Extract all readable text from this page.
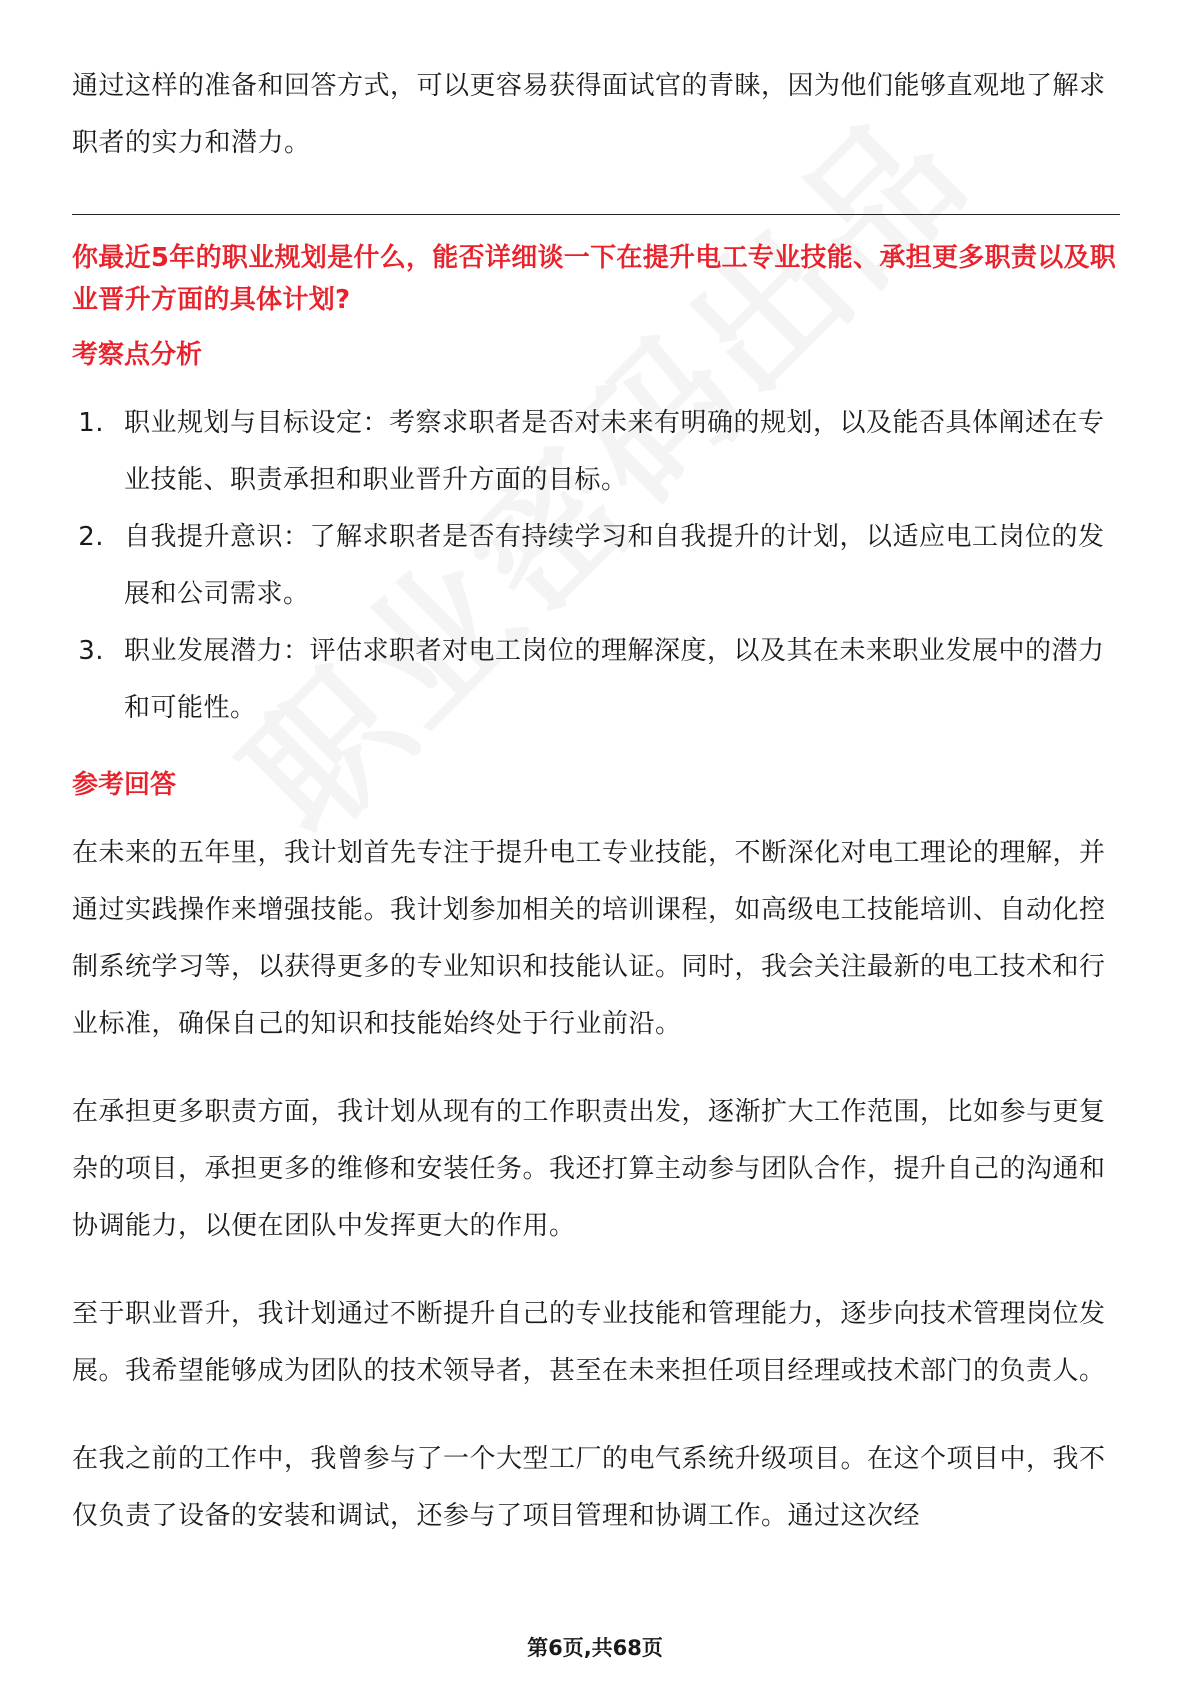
通过这样的准备和回答方式，可以更容易获得面试官的青睐，因为他们能够直观地了解求职者的实力和潜力。

你最近5年的职业规划是什么，能否详细谈一下在提升电工专业技能、承担更多职责以及职业晋升方面的具体计划?
考察点分析
1. 职业规划与目标设定：考察求职者是否对未来有明确的规划，以及能否具体阐述在专业技能、职责承担和职业晋升方面的目标。
2. 自我提升意识：了解求职者是否有持续学习和自我提升的计划，以适应电工岗位的发展和公司需求。
3. 职业发展潜力：评估求职者对电工岗位的理解深度，以及其在未来职业发展中的潜力和可能性。
参考回答

在未来的五年里，我计划首先专注于提升电工专业技能，不断深化对电工理论的理解，并通过实践操作来增强技能。我计划参加相关的培训课程，如高级电工技能培训、自动化控制系统学习等，以获得更多的专业知识和技能认证。同时，我会关注最新的电工技术和行业标准，确保自己的知识和技能始终处于行业前沿。

在承担更多职责方面，我计划从现有的工作职责出发，逐渐扩大工作范围，比如参与更复杂的项目，承担更多的维修和安装任务。我还打算主动参与团队合作，提升自己的沟通和协调能力，以便在团队中发挥更大的作用。

至于职业晋升，我计划通过不断提升自己的专业技能和管理能力，逐步向技术管理岗位发展。我希望能够成为团队的技术领导者，甚至在未来担任项目经理或技术部门的负责人。

在我之前的工作中，我曾参与了一个大型工厂的电气系统升级项目。在这个项目中，我不仅负责了设备的安装和调试，还参与了项目管理和协调工作。通过这次经

第6页,共68页
